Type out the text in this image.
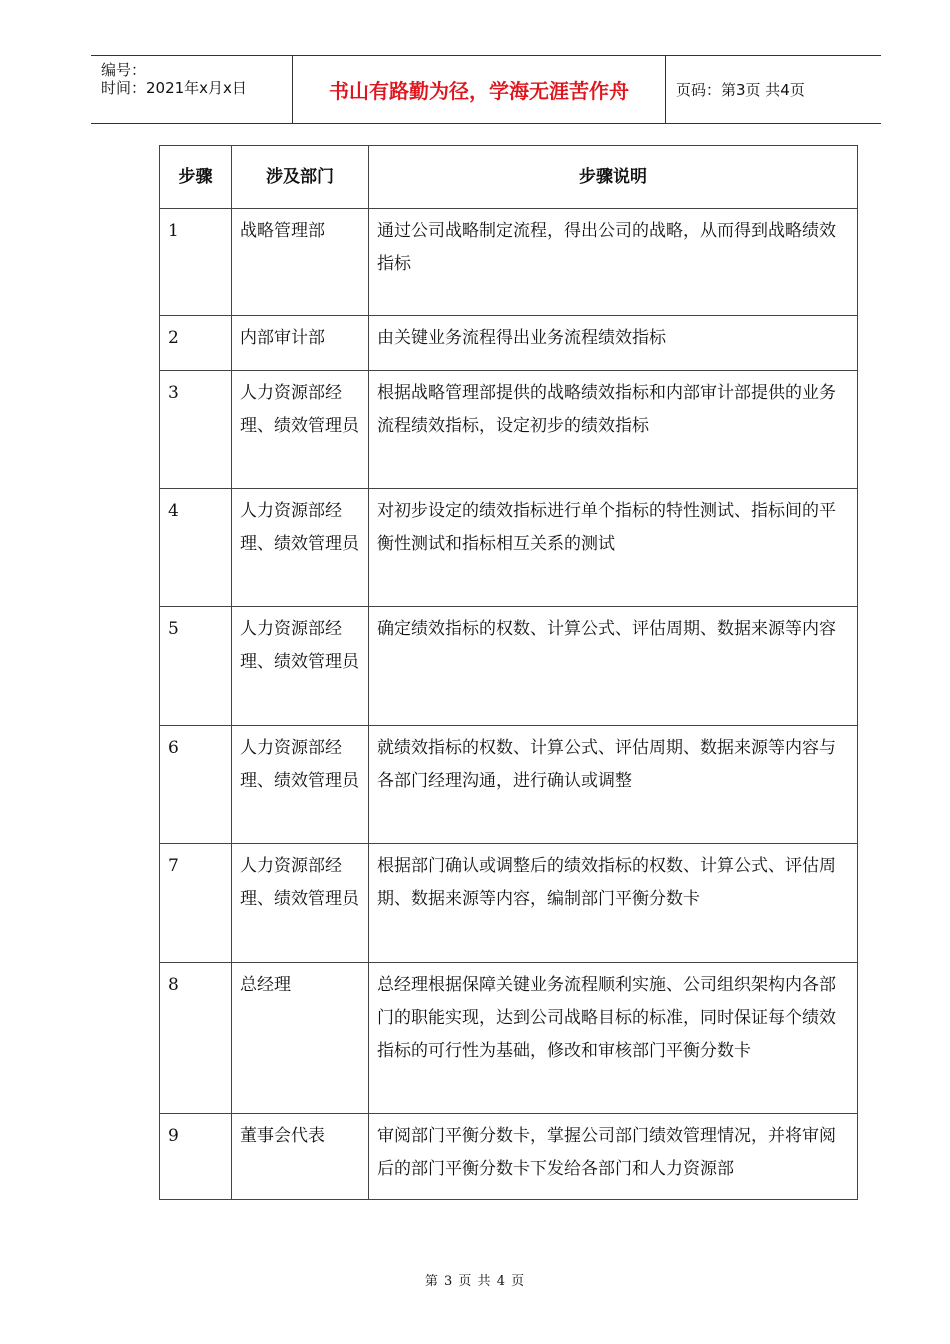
编号：
时间：2021年x月x日	书山有路勤为径，学海无涯苦作舟	页码：第3页 共4页
步骤	涉及部门	步骤说明
1	战略管理部	通过公司战略制定流程，得出公司的战略，从而得到战略绩效指标
2	内部审计部	由关键业务流程得出业务流程绩效指标
3	人力资源部经理、绩效管理员	根据战略管理部提供的战略绩效指标和内部审计部提供的业务流程绩效指标，设定初步的绩效指标
4	人力资源部经理、绩效管理员	对初步设定的绩效指标进行单个指标的特性测试、指标间的平衡性测试和指标相互关系的测试
5	人力资源部经理、绩效管理员	确定绩效指标的权数、计算公式、评估周期、数据来源等内容
6	人力资源部经理、绩效管理员	就绩效指标的权数、计算公式、评估周期、数据来源等内容与各部门经理沟通，进行确认或调整
7	人力资源部经理、绩效管理员	根据部门确认或调整后的绩效指标的权数、计算公式、评估周期、数据来源等内容，编制部门平衡分数卡
8	总经理	总经理根据保障关键业务流程顺利实施、公司组织架构内各部门的职能实现，达到公司战略目标的标准，同时保证每个绩效指标的可行性为基础，修改和审核部门平衡分数卡
9	董事会代表	审阅部门平衡分数卡，掌握公司部门绩效管理情况，并将审阅后的部门平衡分数卡下发给各部门和人力资源部
第 3 页 共 4 页
